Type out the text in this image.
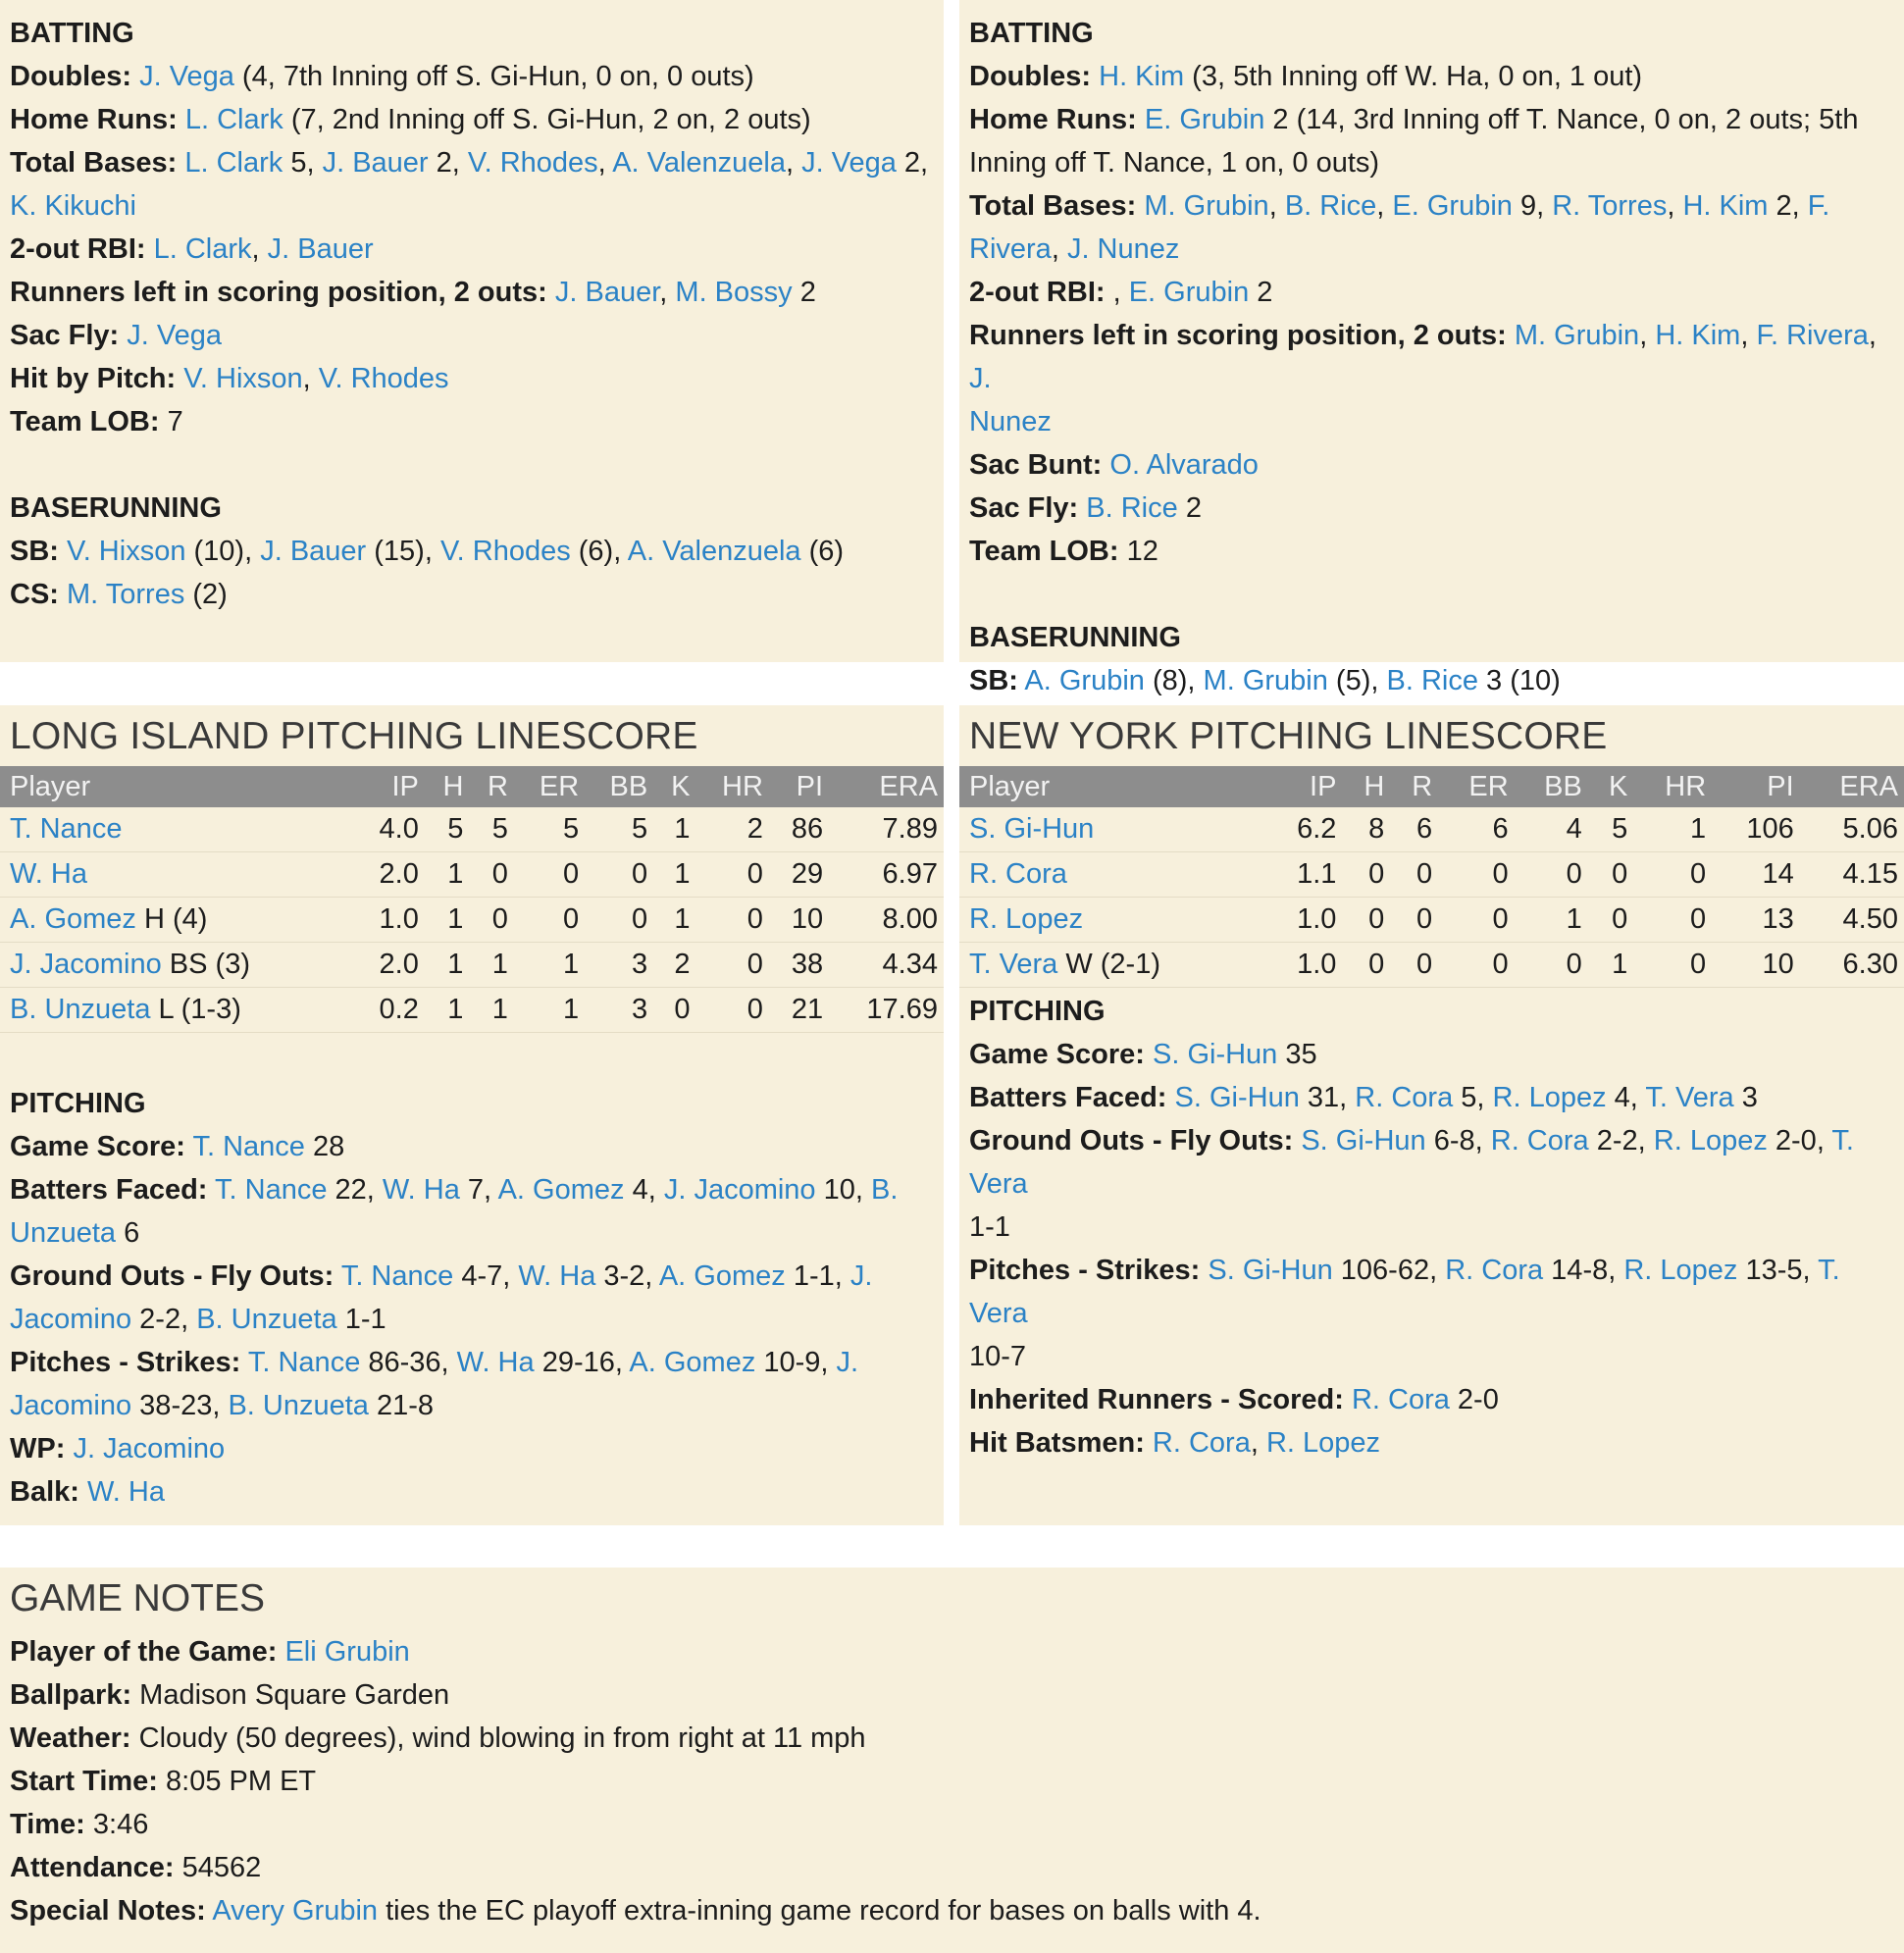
BATTING
Doubles: J. Vega (4, 7th Inning off S. Gi-Hun, 0 on, 0 outs)
Home Runs: L. Clark (7, 2nd Inning off S. Gi-Hun, 2 on, 2 outs)
Total Bases: L. Clark 5, J. Bauer 2, V. Rhodes, A. Valenzuela, J. Vega 2,
K. Kikuchi
2-out RBI: L. Clark, J. Bauer
Runners left in scoring position, 2 outs: J. Bauer, M. Bossy 2
Sac Fly: J. Vega
Hit by Pitch: V. Hixson, V. Rhodes
Team LOB: 7
BASERUNNING
SB: V. Hixson (10), J. Bauer (15), V. Rhodes (6), A. Valenzuela (6)
CS: M. Torres (2)
BATTING
Doubles: H. Kim (3, 5th Inning off W. Ha, 0 on, 1 out)
Home Runs: E. Grubin 2 (14, 3rd Inning off T. Nance, 0 on, 2 outs; 5th
Inning off T. Nance, 1 on, 0 outs)
Total Bases: M. Grubin, B. Rice, E. Grubin 9, R. Torres, H. Kim 2, F.
Rivera, J. Nunez
2-out RBI: , E. Grubin 2
Runners left in scoring position, 2 outs: M. Grubin, H. Kim, F. Rivera, J.
Nunez
Sac Bunt: O. Alvarado
Sac Fly: B. Rice 2
Team LOB: 12
BASERUNNING
SB: A. Grubin (8), M. Grubin (5), B. Rice 3 (10)
LONG ISLAND PITCHING LINESCORE
Player	IP	H	R	ER	BB	K	HR	PI	ERA
T. Nance	4.0	5	5	5	5	1	2	86	7.89
W. Ha	2.0	1	0	0	0	1	0	29	6.97
A. Gomez H (4)	1.0	1	0	0	0	1	0	10	8.00
J. Jacomino BS (3)	2.0	1	1	1	3	2	0	38	4.34
B. Unzueta L (1-3)	0.2	1	1	1	3	0	0	21	17.69
PITCHING
Game Score: T. Nance 28
Batters Faced: T. Nance 22, W. Ha 7, A. Gomez 4, J. Jacomino 10, B.
Unzueta 6
Ground Outs - Fly Outs: T. Nance 4-7, W. Ha 3-2, A. Gomez 1-1, J.
Jacomino 2-2, B. Unzueta 1-1
Pitches - Strikes: T. Nance 86-36, W. Ha 29-16, A. Gomez 10-9, J.
Jacomino 38-23, B. Unzueta 21-8
WP: J. Jacomino
Balk: W. Ha
NEW YORK PITCHING LINESCORE
Player	IP	H	R	ER	BB	K	HR	PI	ERA
S. Gi-Hun	6.2	8	6	6	4	5	1	106	5.06
R. Cora	1.1	0	0	0	0	0	0	14	4.15
R. Lopez	1.0	0	0	0	1	0	0	13	4.50
T. Vera W (2-1)	1.0	0	0	0	0	1	0	10	6.30
PITCHING
Game Score: S. Gi-Hun 35
Batters Faced: S. Gi-Hun 31, R. Cora 5, R. Lopez 4, T. Vera 3
Ground Outs - Fly Outs: S. Gi-Hun 6-8, R. Cora 2-2, R. Lopez 2-0, T. Vera
1-1
Pitches - Strikes: S. Gi-Hun 106-62, R. Cora 14-8, R. Lopez 13-5, T. Vera
10-7
Inherited Runners - Scored: R. Cora 2-0
Hit Batsmen: R. Cora, R. Lopez
GAME NOTES
Player of the Game: Eli Grubin
Ballpark: Madison Square Garden
Weather: Cloudy (50 degrees), wind blowing in from right at 11 mph
Start Time: 8:05 PM ET
Time: 3:46
Attendance: 54562
Special Notes: Avery Grubin ties the EC playoff extra-inning game record for bases on balls with 4.
